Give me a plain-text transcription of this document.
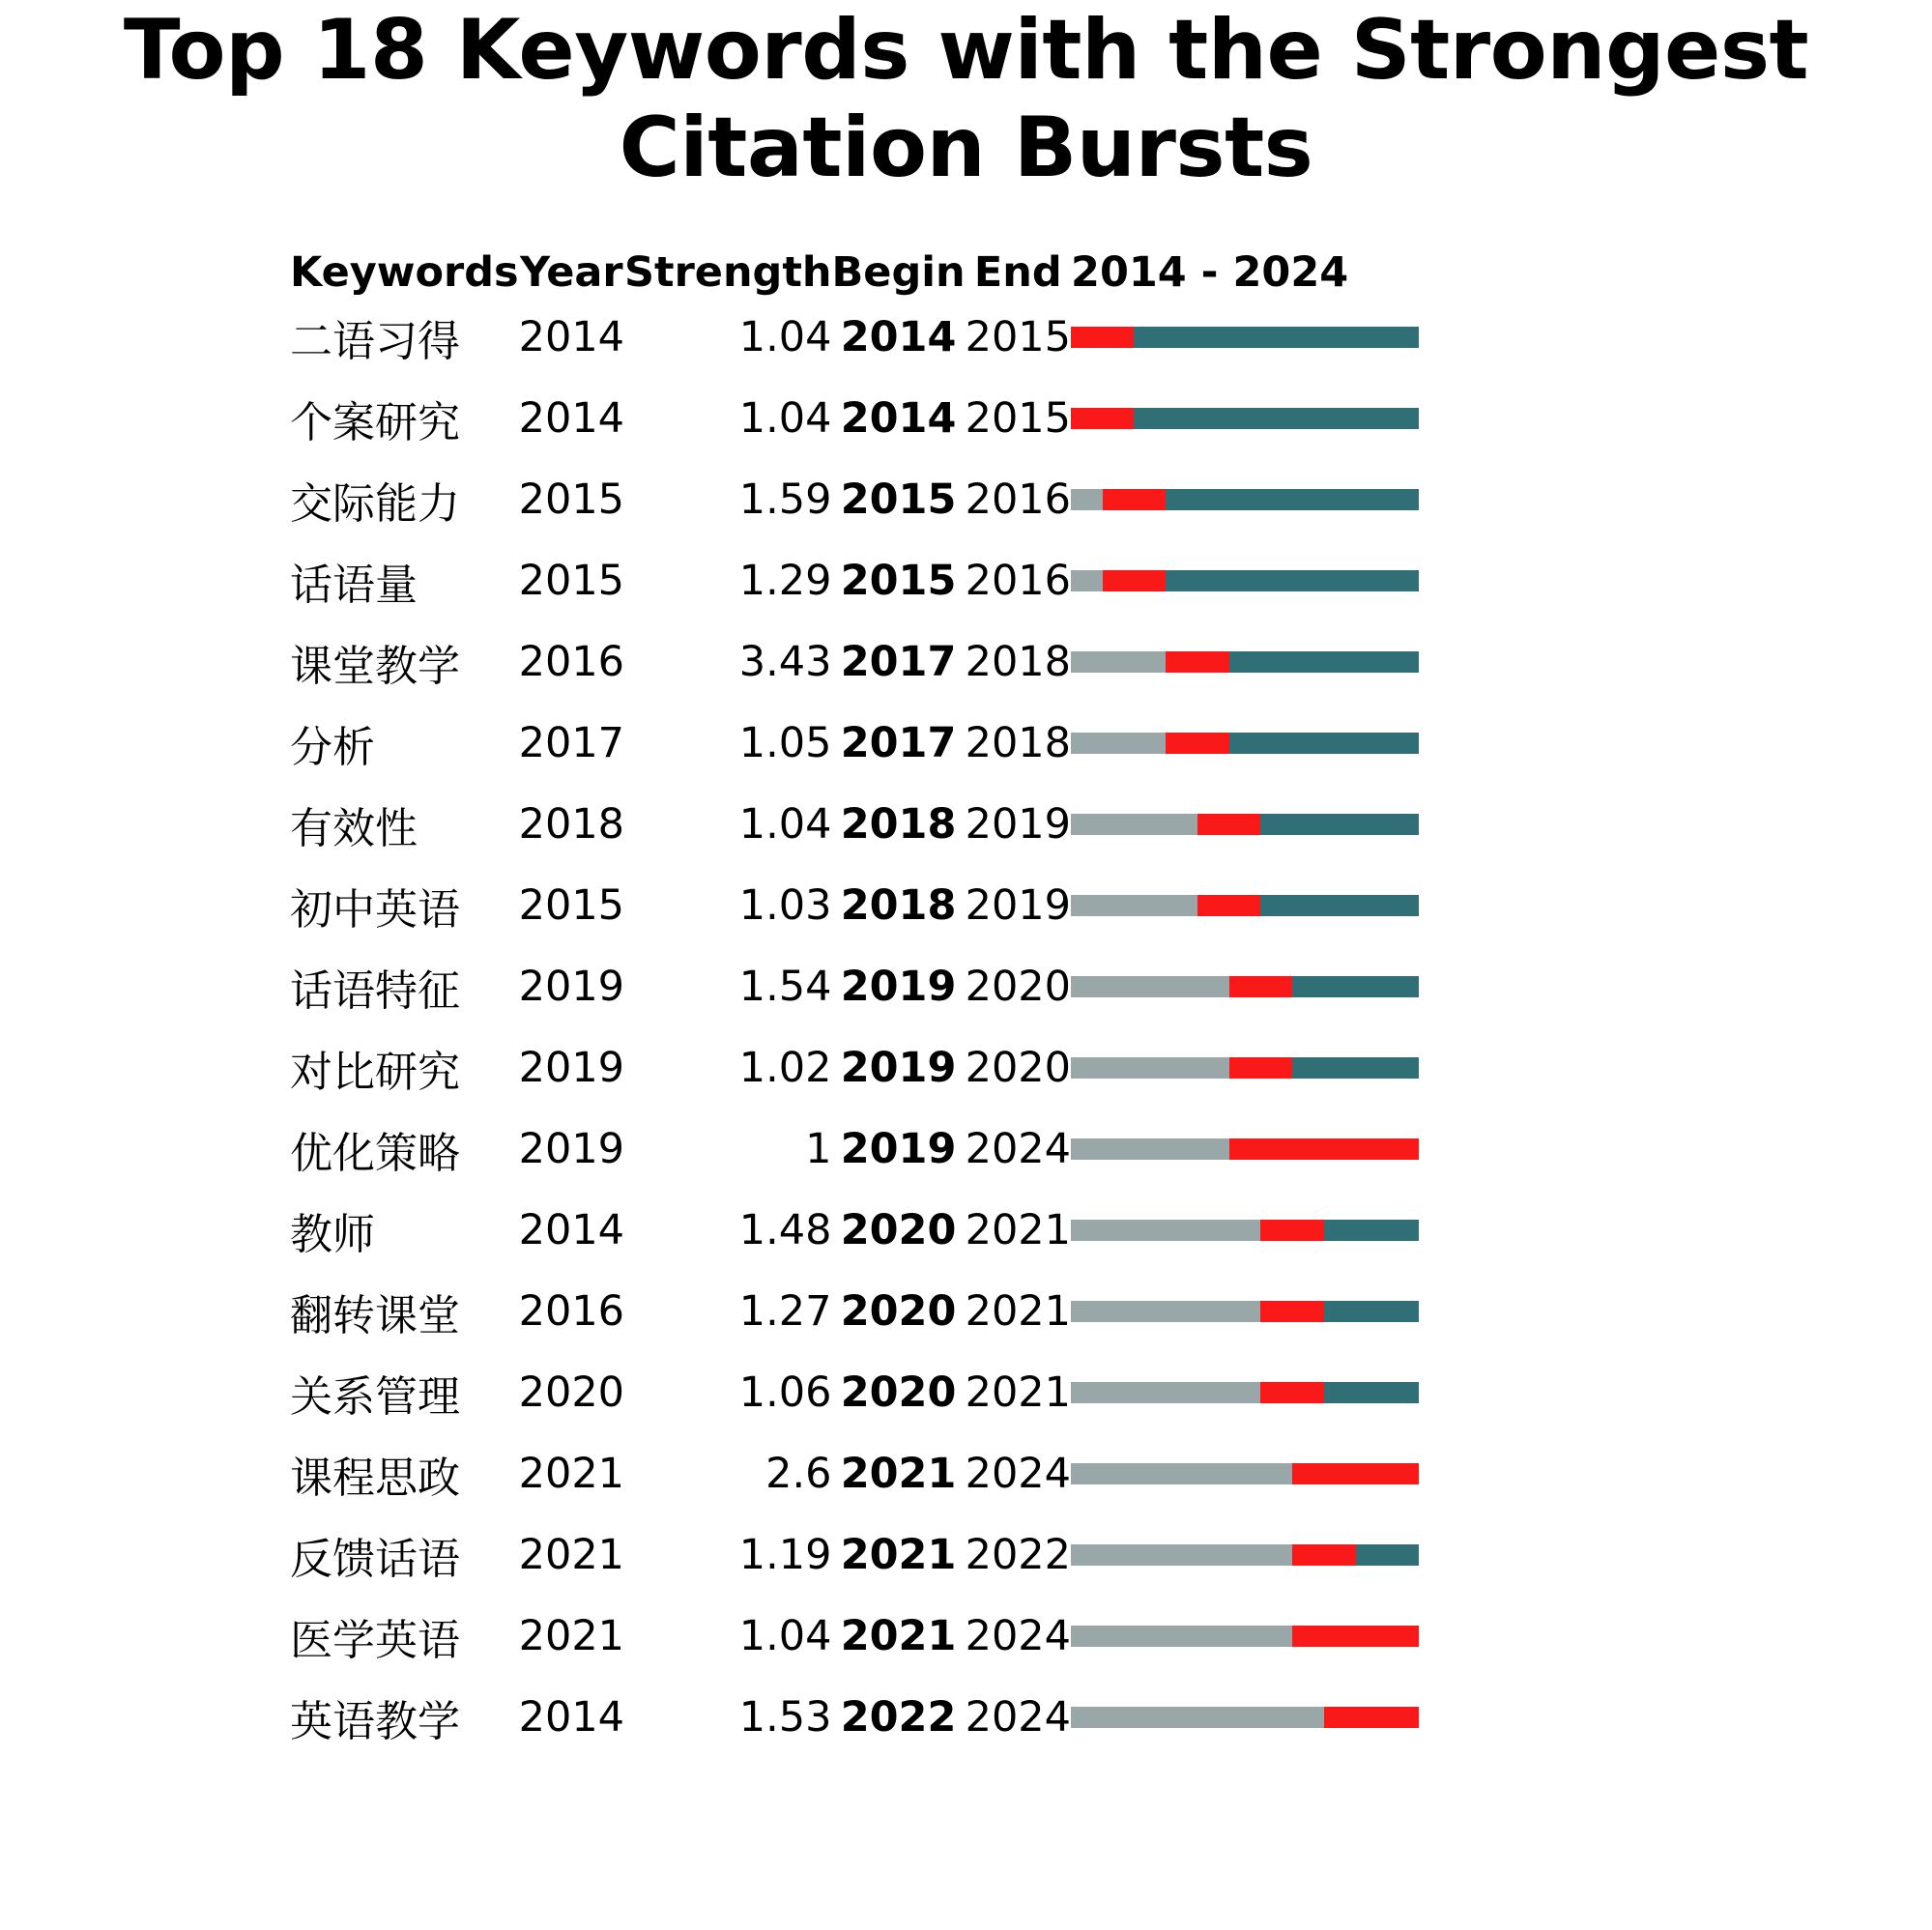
Top 18 Keywords with the Strongest Citation Bursts
Keywords	Year	Strength	Begin	End	2014 - 2024
二语习得	2014	1.04	2014	2015	

个案研究	2014	1.04	2014	2015	

交际能力	2015	1.59	2015	2016	

话语量	2015	1.29	2015	2016	

课堂教学	2016	3.43	2017	2018	

分析	2017	1.05	2017	2018	

有效性	2018	1.04	2018	2019	

初中英语	2015	1.03	2018	2019	

话语特征	2019	1.54	2019	2020	

对比研究	2019	1.02	2019	2020	

优化策略	2019	1	2019	2024	

教师	2014	1.48	2020	2021	

翻转课堂	2016	1.27	2020	2021	

关系管理	2020	1.06	2020	2021	

课程思政	2021	2.6	2021	2024	

反馈话语	2021	1.19	2021	2022	

医学英语	2021	1.04	2021	2024	

英语教学	2014	1.53	2022	2024	
